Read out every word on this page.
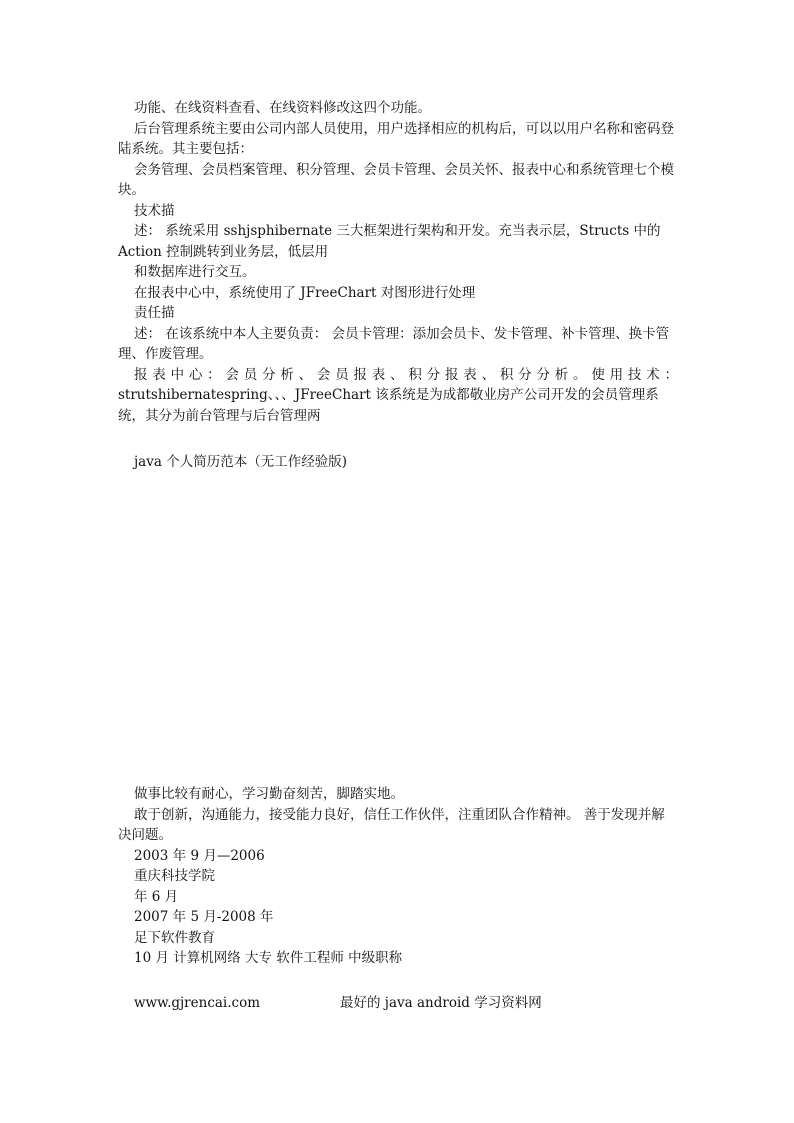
功能、在线资料查看、在线资料修改这四个功能。

后台管理系统主要由公司内部人员使用，用户选择相应的机构后，可以以用户名称和密码登陆系统。其主要包括：

会务管理、会员档案管理、积分管理、会员卡管理、会员关怀、报表中心和系统管理七个模块。

技术描

述： 系统采用 sshjsphibernate 三大框架进行架构和开发。充当表示层，Structs 中的 Action 控制跳转到业务层，低层用

和数据库进行交互。

在报表中心中，系统使用了 JFreeChart 对图形进行处理

责任描

述： 在该系统中本人主要负责： 会员卡管理：添加会员卡、发卡管理、补卡管理、换卡管理、作废管理。

报 表 中 心 ： 会 员 分 析 、 会 员 报 表 、 积 分 报 表 、 积 分 分 析 。 使 用 技 术 ：

strutshibernatespring、、、JFreeChart 该系统是为成都敬业房产公司开发的会员管理系统，其分为前台管理与后台管理两

java 个人简历范本（无工作经验版)

做事比较有耐心，学习勤奋刻苦，脚踏实地。

敢于创新，沟通能力，接受能力良好，信任工作伙伴，注重团队合作精神。 善于发现并解决问题。

2003 年 9 月—2006

重庆科技学院

年 6 月

2007 年 5 月-2008 年

足下软件教育

10 月 计算机网络 大专 软件工程师 中级职称

www.gjrencai.com	最好的 java android 学习资料网
